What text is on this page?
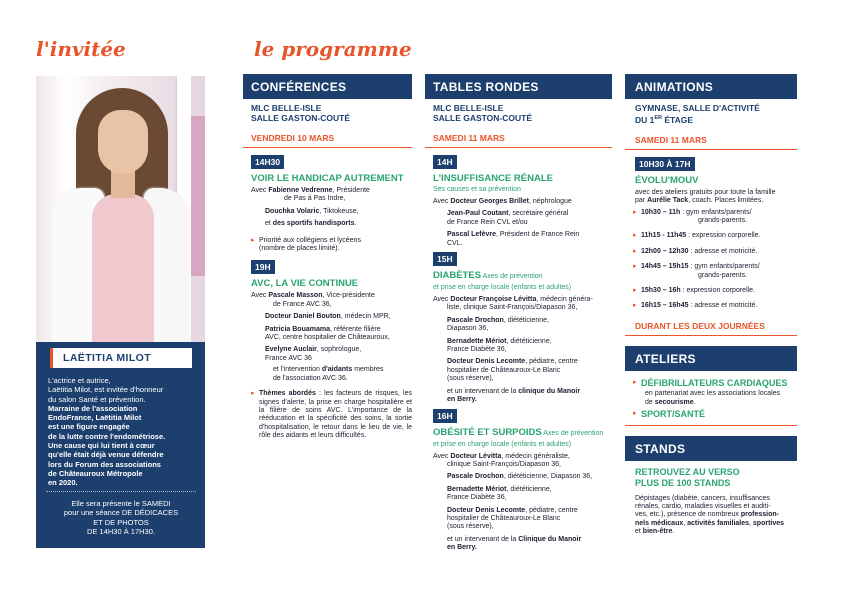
l'invitée	le programme
LAËTITIA MILOT
L'actrice et autrice,
Laëtitia Milot, est invitée d'honneur
du salon Santé et prévention.
Marraine de l'association
EndoFrance, Laëtitia Milot
est une figure engagée
de la lutte contre l'endométriose.
Une cause qui lui tient à cœur
qu'elle était déjà venue défendre
lors du Forum des associations
de Châteauroux Métropole
en 2020.
Elle sera présente le SAMEDI
pour une séance DE DÉDICACES
ET DE PHOTOS
DE 14H30 À 17H30.
CONFÉRENCES
MLC BELLE-ISLE
SALLE GASTON-COUTÉ
VENDREDI 10 MARS
14H30
VOIR LE HANDICAP AUTREMENT
Avec Fabienne Vedrenne, Présidente
de Pas à Pas Indre,
Douchka Volaric, Tiktokeuse,
et des sportifs handisports.
▸ Priorité aux collégiens et lycéens
(nombre de places limité).
19H
AVC, LA VIE CONTINUE
Avec Pascale Masson, Vice-présidente
de France AVC 36,
Docteur Daniel Bouton, médecin MPR,
Patricia Bouamama, référente filière
AVC, centre hospitalier de Châteauroux,
Evelyne Auclair, sophrologue,
France AVC 36
et l'intervention d'aidants membres
de l'association AVC 36.
▸ Thèmes abordés : les facteurs de risques, les signes d'alerte, la prise en charge hospitalière et la filière de soins AVC. L'importance de la rééducation et la spécificité des soins, la sortie d'hospitalisation, le retour dans le lieu de vie, le rôle des aidants et leurs difficultés.
TABLES RONDES
MLC BELLE-ISLE
SALLE GASTON-COUTÉ
SAMEDI 11 MARS
14H
L'INSUFFISANCE RÉNALE
Ses causes et sa prévention
Avec Docteur Georges Brillet, néphrologue
Jean-Paul Coutant, secrétaire général
de France Rein CVL et/ou
Pascal Lefèvre, Président de France Rein
CVL.
15H
DIABÈTES Axes de prévention
et prise en charge locale (enfants et adultes)
Avec Docteur Françoise Lévitta, médecin généra-
liste, clinique Saint-François/Diapason 36,
Pascale Drochon, diététicienne,
Diapason 36,
Bernadette Mériot, diététicienne,
France Diabète 36,
Docteur Denis Lecomte, pédiatre, centre
hospitalier de Châteauroux-Le Blanc
(sous réserve),
et un intervenant de la clinique du Manoir
en Berry.
16H
OBÉSITÉ ET SURPOIDS Axes de prévention
et prise en charge locale (enfants et adultes)
Avec Docteur Lévitta, médecin généraliste,
clinique Saint-François/Diapason 36,
Pascale Drochon, diététicienne, Diapason 36,
Bernadette Mériot, diététicienne,
France Diabète 36,
Docteur Denis Lecomte, pédiatre, centre
hospitalier de Châteauroux-Le Blanc
(sous réserve),
et un intervenant de la Clinique du Manoir
en Berry.
ANIMATIONS
GYMNASE, SALLE D'ACTIVITÉ
DU 1ER ÉTAGE
SAMEDI 11 MARS
10H30 À 17H
ÉVOLU'MOUV
avec des ateliers gratuits pour toute la famille
par Aurélie Tack, coach. Places limitées.
▸ 10h30 – 11h : gym enfants/parents/
grands-parents.
▸ 11h15 - 11h45 : expression corporelle.
▸ 12h00 – 12h30 : adresse et motricité.
▸ 14h45 – 15h15 : gym enfants/parents/
grands-parents.
▸ 15h30 – 16h : expression corporelle.
▸ 16h15 – 16h45 : adresse et motricité.
DURANT LES DEUX JOURNÉES
ATELIERS
▸ DÉFIBRILLATEURS CARDIAQUES
en partenariat avec les associations locales
de secourisme.
▸ SPORT/SANTÉ
STANDS
RETROUVEZ AU VERSO
PLUS DE 100 STANDS
Dépistages (diabète, cancers, insuffisances
rénales, cardio, maladies visuelles et auditi-
ves, etc.), présence de nombreux profession-
nels médicaux, activités familiales, sportives
et bien-être.
